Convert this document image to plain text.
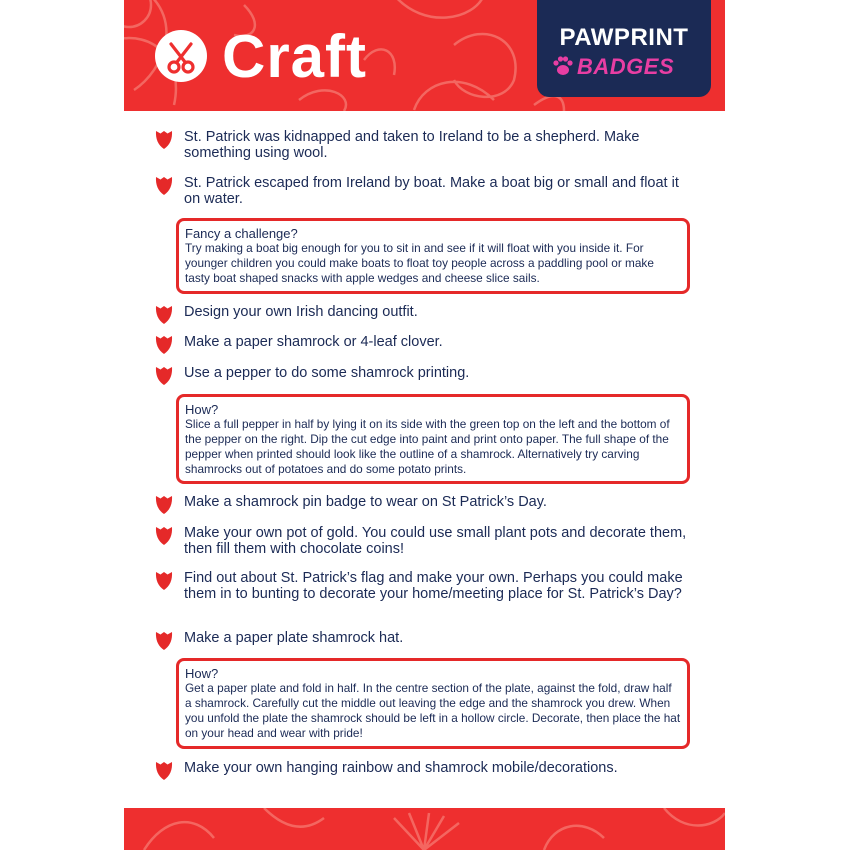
Craft	PAWPRINT
BADGES
St. Patrick was kidnapped and taken to Ireland to be a shepherd. Make something using wool.
St. Patrick escaped from Ireland by boat. Make a boat big or small and float it on water.
Fancy a challenge?
Try making a boat big enough for you to sit in and see if it will float with you inside it. For younger children you could make boats to float toy people across a paddling pool or make tasty boat shaped snacks with apple wedges and cheese slice sails.
Design your own Irish dancing outfit.
Make a paper shamrock or 4-leaf clover.
Use a pepper to do some shamrock printing.
How?
Slice a full pepper in half by lying it on its side with the green top on the left and the bottom of the pepper on the right. Dip the cut edge into paint and print onto paper. The full shape of the pepper when printed should look like the outline of a shamrock. Alternatively try carving shamrocks out of potatoes and do some potato prints.
Make a shamrock pin badge to wear on St Patrick’s Day.
Make your own pot of gold. You could use small plant pots and decorate them, then fill them with chocolate coins!
Find out about St. Patrick’s flag and make your own. Perhaps you could make them in to bunting to decorate your home/meeting place for St. Patrick’s Day?
Make a paper plate shamrock hat.
How?
Get a paper plate and fold in half. In the centre section of the plate, against the fold, draw half a shamrock. Carefully cut the middle out leaving the edge and the shamrock you drew. When you unfold the plate the shamrock should be left in a hollow circle. Decorate, then place the hat on your head and wear with pride!
Make your own hanging rainbow and shamrock mobile/decorations.
